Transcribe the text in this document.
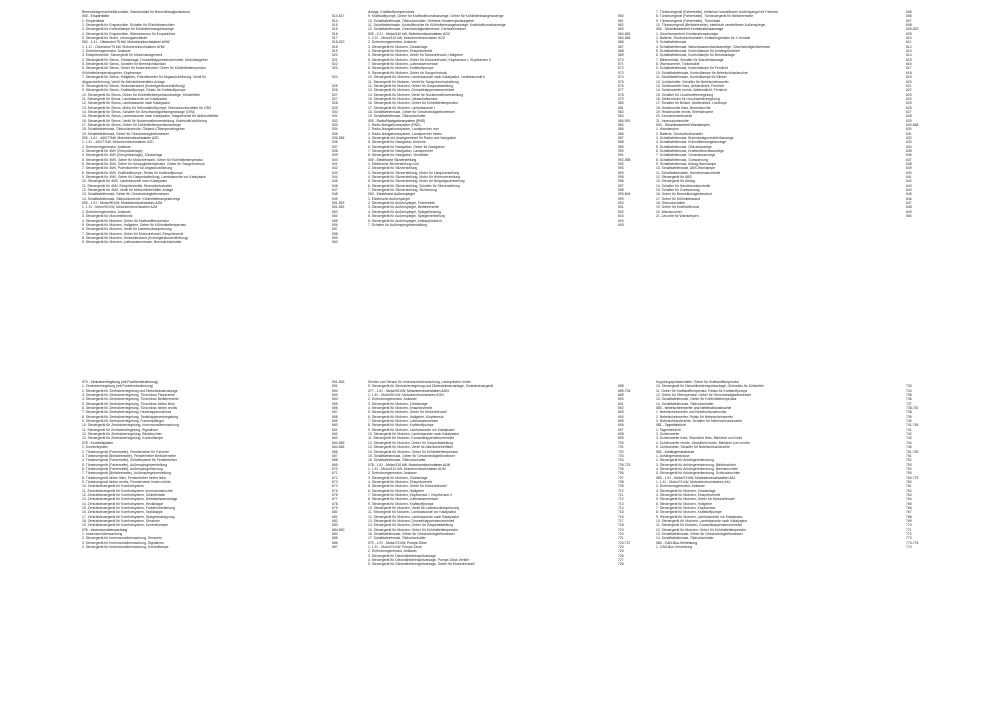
Bremsbelagverschleißkontakte, Warnkontakt für Bremsflüssigkeitsstand
000 - Ersparniliste	514-517
1. Ersparniliste	514
2. Steuergerät für Ersparinliste, Schalter für Rückfahrleuchten	515
3. Steuergerät für Kontrolllampe für Kühlmittelmangelanzeige	515
4. Steuergerät für Ersparinliste, Wärmesensor für Ersparinliste	516
5. Steuergerät für Motor, Leistungsendstufe	517
000 - 1.4 l - Ottomotor/75 kW, Motorkennbuchstaben AHW	518-520
1. 1.4 l - Ottomotor/75 kW, Motorkennbuchstaben AHW	518
2. Drehstromgenerator, Anlasser	519
3. Einspritzventile, Steuergerät für Motormanagement	520
4. Steuergerät für Simos, Zündanlage, Drosselklappensteuereinheit, Motorlastgeber	521
5. Steuergerät für Simos, Schalter für Bremslichtkontakt	522
6. Steuergerät für Simos, Geber für Motordrehzahl, Geber für Kühlmitteltemperatur	523
Kühlmitteltemperaturgeber, Klopfsensor
7. Steuergerät für Simos, Hallgeber, Potentiometer für Abgasrückführung, Ventil für	524
Abgasrückführung, Ventil für Aktivkohlebehälter-Anlage
8. Steuergerät für Simos, Heizwiderstand (Kurbelgehäuseentlüftung)	525
9. Steuergerät für Simos, Kraftstoffpumpe, Relais für Kraftstoffpumpe	526
10. Steuergerät für Simos, Geber für Kühlmitteltemperaturanzeige, Kühlerlüfter	527
11. Steuergerät für Simos, Lambdasonde vor Katalysator	527
12. Steuergerät für Simos, Lambdasonde nach Katalysator	528
13. Steuergerät für Simos, Motor für Sekundärluftpumpe, Bremsdruckschalter für GRA	529
14. Steuergerät für Simos, Schalter für Geschwindigkeitsregelanlage (GRA)	530
15. Steuergerät für Simos, Lambdasonde nach Katalysator, Magnetventil für Aktivkohlefilter	531
16. Steuergerät für Simos, Ventil für Nockenwellenverstellung, Kraftstoffrückführung	532
17. Steuergerät für Simos, Geber für Kühlmitteltemperaturanzeige	533
18. Schalttafeleinsatz, Öldruckkontrolle, Ölstand-/Öltemperaturgeber	534
19. Schalttafeleinsatz, Geber für Geschwindigkeitsmesser	535
000 - 1.6 l - 4AV/77kW, Motorkennbuchstaben AZD	536-555
1. 1.6 l - 4AV/77kW, Motorkennbuchstaben AZD	536
2. Drehstromgenerator, Anlasser	537
3. Steuergerät für 4MV (Einspritzanlage)	538
4. Steuergerät für 4MV (Einspritzanlage), Zündanlage	539
5. Steuergerät für 4MV, Geber für Motordrehzahl, Geber für Kühlmitteltemperatur	540
6. Steuergerät für 4MV, Geber für Ansauglufttemperatur, Geber für Saugrohrdruck	541
7. Steuergerät für 4MV, Potentiometer für Abgasrückführung	542
8. Steuergerät für 4MV, Kraftstoffpumpe, Relais für Kraftstoffpumpe	543
9. Steuergerät für 4MV, Geber für Gaspedalstellung, Lambdasonde vor Katalysator	544
10. Steuergerät für 4MV, Lambdasonde nach Katalysator	545
11. Steuergerät für 4MV, Einspritzventile, Bremslichtschalter	546
12. Steuergerät für 4MV, Ventil für Aktivkohlebehälter-Anlage	547
13. Schalttafeleinsatz, Geber für Geschwindigkeitsmesser	548
14. Schalttafeleinsatz, Öldruckkontrolle, Kühlmittelmangelanzeige	549
000 - 1.9 l - Motor/90 kW, Motorkennbuchstaben AJM	551-563
1. 1.9 l - Motor/90 kW, Motorkennbuchstaben AJM	551-552
2. Drehstromgenerator, Anlasser	553
3. Steuergerät für Motorelektronik	554
4. Steuergerät für Motoren, Geber für Kraftstofftemperatur	555
5. Steuergerät für Motoren, Hallgeber, Geber für Kühlmitteltemperatur	556
6. Steuergerät für Motoren, Ventil für Ladedruckbegrenzung	557
7. Steuergerät für Motoren, Geber für Motordrehzahl, Einspritzventil	558
8. Steuergerät für Motoren, Heizwiderstand (Kurbelgehäuseentlüftung)	559
9. Steuergerät für Motoren, Luftmassenmesser, Bremslichtschalter	560
Anlage, Kraftstoffpumpenrelais
9. Kraftstoffpumpe, Geber für Kraftstoffvorratsanzeige, Geber für Kühlmittelmangelanzeige	560
10. Schalttafeleinsatz, Öldruckschalter, Getriebe-Hexalemperaturgeber	561
11. Schalttafeleinsatz, Kontrollleuchte für Kühlmittelmangelanzeige, Kraftstoffvorratsanzeige	562
12. Schalttafeleinsatz, Geschwindigkeitsmesser, Drehzahlmesser	563
000 - 2.3 l - Motor/110 kW, Motorkennbuchstaben AGZ	564-583
1. 2.3 l - Motor/110 kW, Motorkennbuchstaben AGZ	564-565
2. Drehstromgenerator, Anlasser	566
3. Steuergerät für Motoren, Zündanlage	567
4. Steuergerät für Motoren, Einspritzventile	568
5. Steuergerät für Motoren, Geber für Motordrehzahl, Hallgeber	569
6. Steuergerät für Motoren, Geber für Motordrehzahl, Klopfsensor I, Klopfsensor II	570
7. Steuergerät für Motoren, Luftmassenmesser	571
8. Steuergerät für Motoren, Kraftstoffpumpe	572
9. Steuergerät für Motoren, Geber für Saugrohrdruck	573
10. Steuergerät für Motoren, Lambdasonde nach Katalysator, Lambdasonde II	574
11. Steuergerät für Motoren, Ventil für Saugrohrumschaltung	575
12. Steuergerät für Motoren, Geber für Gaspedalstellung	576
13. Steuergerät für Motoren, Drosselklappensteuereinheit	577
14. Steuergerät für Motoren, Ventil für Nockenwellenverstellung	578
15. Steuergerät für Motoren, Ultraschallsensor	579
16. Steuergerät für Motoren, Geber für Kühlmitteltemperatur	580
17. Steuergerät für Motoren, Lambdasonde I	581
18. Schalttafeleinsatz, Geber für Geschwindigkeitsmesser	582
19. Schalttafeleinsatz, Öldruckschalter	583
000 - Radio/Navigationssystem (RNS)	584-591
1. Radio-Navigationssystem (RNS)	584
2. Radio-Navigationssystem, Lautsprecher vorn	585
3. Radio-Navigationssystem, Lautsprecher hinten	586
4. Steuergerät mit Anzeigeeinheit für Radio und Navigation	587
5. Steuergerät für Navigation, Antenne	588
6. Steuergerät für Navigation, Geber für Navigation	589
7. Steuergerät für Navigation, Lautsprecher	590
8. Steuergerät für Navigation, Verstärker	591
000 - Elektrische Sitzverstellung	592-598
1. Elektrische Sitzverstellung vorn	592
2. Steuergerät für Sitzverstellung	593
3. Steuergerät für Sitzverstellung, Motor für Längsverstellung	594
4. Steuergerät für Sitzverstellung, Motor für Höhenverstellung	595
5. Steuergerät für Sitzverstellung, Motor für Neigungsverstellung	596
6. Steuergerät für Sitzverstellung, Schalter für Sitzverstellung	597
7. Steuergerät für Sitzverstellung, Sitzheizung	598
000 - Elektrische Außenspiegel	599-604
1. Elektrische Außenspiegel	599
2. Steuergerät für Außenspiegel, Fahrerseite	600
3. Steuergerät für Außenspiegel, Beifahrerseite	601
4. Steuergerät für Außenspiegel, Spiegelheizung	602
5. Steuergerät für Außenspiegel, Spiegelverstellung	603
6. Steuergerät für Außenspiegel, Anklappfunktion	604
7. Schalter für Außenspiegelverstellung	605
7. Türsteuergerät (Fahrerseite), elektrisch verstellbarer Außenspiegel für Fahrerte	606
8. Türsteuergerät (Fahrerseite), Türsteuergerät für Beifahrerseite	606
9. Türsteuergerät (Fahrerseite), Türkontakt	607
10. Türsteuergerät (Beifahrerseite), elektrisch verstellbarer Außenspiegel	608
000 - Geschlossenheit Kombinationsanzeige	609-629
1. Geschlossenheit Kombinationsanzeige	609
2. Batterie, Zündschloßschalter, Entladungsrelais für X-Kontakt	610
3. Schalttafeleinsatz	611
4. Schalttafeleinsatz, Waschwasserstandsanzeige, Geschwindigkeitsmesser	612
5. Schalttafeleinsatz, Kontrolllampe für Anhängerbetrieb	613
6. Schalttafeleinsatz, Kontrolllampe für Bremsanlage	614
7. Blinkerrelais, Schalter für Warnblinkanlage	615
8. Warnsummer, Türkontakte	616
9. Schalttafeleinsatz, Kontrolllampe für Fernlicht	617
10. Schalttafeleinsatz, Kontrolllampe für Nebelschlussleuchte	618
11. Schalttafeleinsatz, Kontrolllampe für Blinker	619
12. Lichtschalter, Schalter für Nebelscheinwerfer	620
13. Scheinwerfer links, Abblendlicht, Fernlicht	621
14. Scheinwerfer rechts, Abblendlicht, Fernlicht	622
15. Schalter für Leuchtweitenregelung	623
16. Stellmotoren für Leuchtweitenregelung	624
17. Schalter für Blinker, Abblendlicht, Lichthupe	625
18. Heckleuchte links, Bremsleuchte	626
19. Heckleuchte rechts, Bremsleuchte	627
20. Kennzeichenleuchte	628
21. Innenraumleuchte	629
000 - Geschlossenheit Warnlampen	630-658
1. Warnlampen	630
2. Batterie, Zündschloßschalter	631
3. Schalttafeleinsatz, Bremsbelagverschleißanzeige	632
4. Schalttafeleinsatz, Kühlmittelmangelanzeige	633
5. Schalttafeleinsatz, Öldruckanzeige	634
6. Schalttafeleinsatz, Kraftstoffvorratsanzeige	635
7. Schalttafeleinsatz, Generatoranzeige	636
8. Schalttafeleinsatz, Gurtwarnung	637
9. Schalttafeleinsatz, Airbag-Warnlampe	638
10. Schalttafeleinsatz, ABS-Warnlampe	639
11. Schalttafeleinsatz, Handbremskontrolle	640
12. Steuergerät für ABS	641
13. Steuergerät für Airbag	642
14. Schalter für Handbremskontrolle	643
15. Schalter für Gurtwarnung	644
16. Geber für Bremsflüssigkeitsstand	645
17. Geber für Kühlmittelstand	646
18. Öldruckschalter	647
19. Geber für Kraftstoffvorrat	648
20. Warnsummer	649
21. Leuchte für Warnlampen	650
074 - Zentralverriegelung (mit Funkfernbedienung)	651-663
1. Zentralverriegelung (mit Funkfernbedienung)	651
2. Steuergerät für Zentralverriegelung und Diebstahlwarnanlage	652
3. Steuergerät für Zentralverriegelung, Türschloss Fahrerseite	653
4. Steuergerät für Zentralverriegelung, Türschloss Beifahrerseite	654
5. Steuergerät für Zentralverriegelung, Türschloss hinten links	655
6. Steuergerät für Zentralverriegelung, Türschloss hinten rechts	656
7. Steuergerät für Zentralverriegelung, Heckklappenschloss	657
8. Steuergerät für Zentralverriegelung, Tankklappenentriegelung	658
9. Steuergerät für Zentralverriegelung, Funkempfänger	659
10. Steuergerät für Zentralverriegelung, Innenraumüberwachung	660
11. Steuergerät für Zentralverriegelung, Signalhorn	661
12. Steuergerät für Zentralverriegelung, Blinkleuchten	662
13. Steuergerät für Zentralverriegelung, Kontrolllampe	663
075 - Komfortsystem	664-683
1. Komfortsystem	664-665
2. Türsteuergerät (Fahrerseite), Fensterheber für Fahrerte	666
3. Türsteuergerät (Beifahrerseite), Fensterheber Beifahrerseite	667
4. Türsteuergerät (Fahrerseite), Schalterpanel für Fensterheber	668
5. Türsteuergerät (Fahrerseite), Außenspiegelverstellung	669
6. Türsteuergerät (Fahrerseite), Außenspiegelheizung	670
7. Türsteuergerät (Beifahrerseite), Außenspiegelverstellung	671
8. Türsteuergerät hinten links, Fensterheber hinten links	672
9. Türsteuergerät hinten rechts, Fensterheber hinten rechts	673
10. Zentralsteuergerät für Komfortsystem	674
11. Zentralsteuergerät für Komfortsystem, Innenraumleuchte	675
12. Zentralsteuergerät für Komfortsystem, Schiebedach	676
13. Zentralsteuergerät für Komfortsystem, Diebstahlwarnanlage	677
14. Zentralsteuergerät für Komfortsystem, Heckklappe	678
15. Zentralsteuergerät für Komfortsystem, Funkfernbedienung	679
16. Zentralsteuergerät für Komfortsystem, Tankklappe	680
17. Zentralsteuergerät für Komfortsystem, Spiegelanklappung	681
18. Zentralsteuergerät für Komfortsystem, Sensoren	682
19. Zentralsteuergerät für Komfortsystem, Kontrolllampen	683
076 - Innenraumüberwachung	684-690
1. Innenraumüberwachung	684
2. Steuergerät für Innenraumüberwachung, Sensoren	685
3. Steuergerät für Innenraumüberwachung, Signalhorn	686
4. Steuergerät für Innenraumüberwachung, Kontrolllampe	687
Sender und Sensor für Innenraumüberwachung, Lautsprecher hinten
9. Steuergerät für Zentralverriegelung und Diebstahlwarnanlage, Zentralsteuergerät	688
077 - 1.8 l - Motor/92 kW, Motorkennbuchstaben AGN	689-704
1. 1.8 l - Motor/92 kW, Motorkennbuchstaben AGN	689
2. Drehstromgenerator, Anlasser	690
3. Steuergerät für Motoren, Zündanlage	691
4. Steuergerät für Motoren, Einspritzventile	692
5. Steuergerät für Motoren, Geber für Motordrehzahl	693
6. Steuergerät für Motoren, Hallgeber, Klopfsensor	694
7. Steuergerät für Motoren, Luftmassenmesser	695
8. Steuergerät für Motoren, Kraftstoffpumpe	696
9. Steuergerät für Motoren, Lambdasonde vor Katalysator	697
10. Steuergerät für Motoren, Lambdasonde nach Katalysator	698
11. Steuergerät für Motoren, Drosselklappensteuereinheit	699
12. Steuergerät für Motoren, Geber für Gaspedalstellung	700
13. Steuergerät für Motoren, Ventil für Aktivkohlebehälter	701
14. Steuergerät für Motoren, Geber für Kühlmitteltemperatur	702
15. Schalttafeleinsatz, Geber für Geschwindigkeitsmesser	703
16. Schalttafeleinsatz, Öldruckschalter	704
078 - 1.8 l - Motor/110 kW, Motorkennbuchstaben AUM	705-723
1. 1.8 l - Motor/110 kW, Motorkennbuchstaben AUM	705
2. Drehstromgenerator, Anlasser	706
3. Steuergerät für Motoren, Zündanlage	707
4. Steuergerät für Motoren, Einspritzventile	708
5. Steuergerät für Motoren, Geber für Motordrehzahl	709
6. Steuergerät für Motoren, Hallgeber	710
7. Steuergerät für Motoren, Klopfsensor I, Klopfsensor II	711
8. Steuergerät für Motoren, Luftmassenmesser	712
9. Steuergerät für Motoren, Kraftstoffpumpe	713
10. Steuergerät für Motoren, Ventil für Ladedruckbegrenzung	714
11. Steuergerät für Motoren, Lambdasonde vor Katalysator	715
12. Steuergerät für Motoren, Lambdasonde nach Katalysator	716
13. Steuergerät für Motoren, Drosselklappensteuereinheit	717
14. Steuergerät für Motoren, Geber für Gaspedalstellung	718
15. Steuergerät für Motoren, Geber für Kühlmitteltemperatur	719
16. Schalttafeleinsatz, Geber für Geschwindigkeitsmesser	720
17. Schalttafeleinsatz, Öldruckschalter	721
079 - 1.9 l - Motor/74 kW, Pumpe-Düse	724-737
1. 1.9 l - Motor/74 kW, Pumpe-Düse	724
2. Drehstromgenerator, Anlasser	725
3. Steuergerät für Dieseldirekteinspritzanlage	726
4. Steuergerät für Dieseldirekteinspritzanlage, Pumpe-Düse-Ventile	727
5. Steuergerät für Dieseldirekteinspritzanlage, Geber für Motordrehzahl	728
Kupplungspedalschalter, Geber für Kraftstofftemperatur
10. Steuergerät für Dieseldirekteinspritzanlage, Glührelais für Kühlmittel	733
11. Geber für Kraftstofftemperatur, Relais für Kraftstoffpumpe	734
12. Geber für Öltemperatur, Geber für Geschwindigkeitsmesser	735
13. Schalttafeleinsatz, Geber für Kühlmitteltemperatur	736
14. Schalttafeleinsatz, Öldruckschalter	737
080 - Nebelscheinwerfer und Nebelschlussleuchte	738-740
1. Nebelscheinwerfer und Nebelschlussleuchte	738
2. Nebelscheinwerfer, Relais für Nebelscheinwerfer	739
3. Nebelschlussleuchte, Schalter für Nebelschlussleuchte	740
081 - Tagesfahrlicht	741-745
1. Tagesfahrlicht	741
2. Scheinwerfer	742
3. Scheinwerfer links, Standlicht links, Blinklicht vorn links	743
4. Scheinwerfer rechts, Standlicht rechts, Blinklicht vorn rechts	744
5. Lichtschalter, Schalter für Nebelschlussleuchte	745
082 - Anhängersteckdose	751-759
1. Anhängersteckdose	751
2. Steuergerät für Anhängererkennung	752
3. Steuergerät für Anhängererkennung, Blinkleuchten	753
4. Steuergerät für Anhängererkennung, Bremsleuchten	754
5. Steuergerät für Anhängererkennung, Schlussleuchten	755
083 - 1.6 l - Motor/74 kW, Motorkennbuchstaben AKL	760-775
1. 1.6 l - Motor/74 kW, Motorkennbuchstaben AKL	760
2. Drehstromgenerator, Anlasser	761
3. Steuergerät für Motoren, Zündanlage	762
4. Steuergerät für Motoren, Einspritzventile	763
5. Steuergerät für Motoren, Geber für Motordrehzahl	764
6. Steuergerät für Motoren, Hallgeber	765
7. Steuergerät für Motoren, Klopfsensor	766
8. Steuergerät für Motoren, Kraftstoffpumpe	767
9. Steuergerät für Motoren, Lambdasonde vor Katalysator	768
10. Steuergerät für Motoren, Lambdasonde nach Katalysator	769
11. Steuergerät für Motoren, Drosselklappensteuereinheit	770
12. Steuergerät für Motoren, Geber für Kühlmitteltemperatur	771
13. Schalttafeleinsatz, Geber für Geschwindigkeitsmesser	772
14. Schalttafeleinsatz, Öldruckschalter	773
084 - CAN-Bus-Vernetzung	774-776
1. CAN-Bus-Vernetzung	774
